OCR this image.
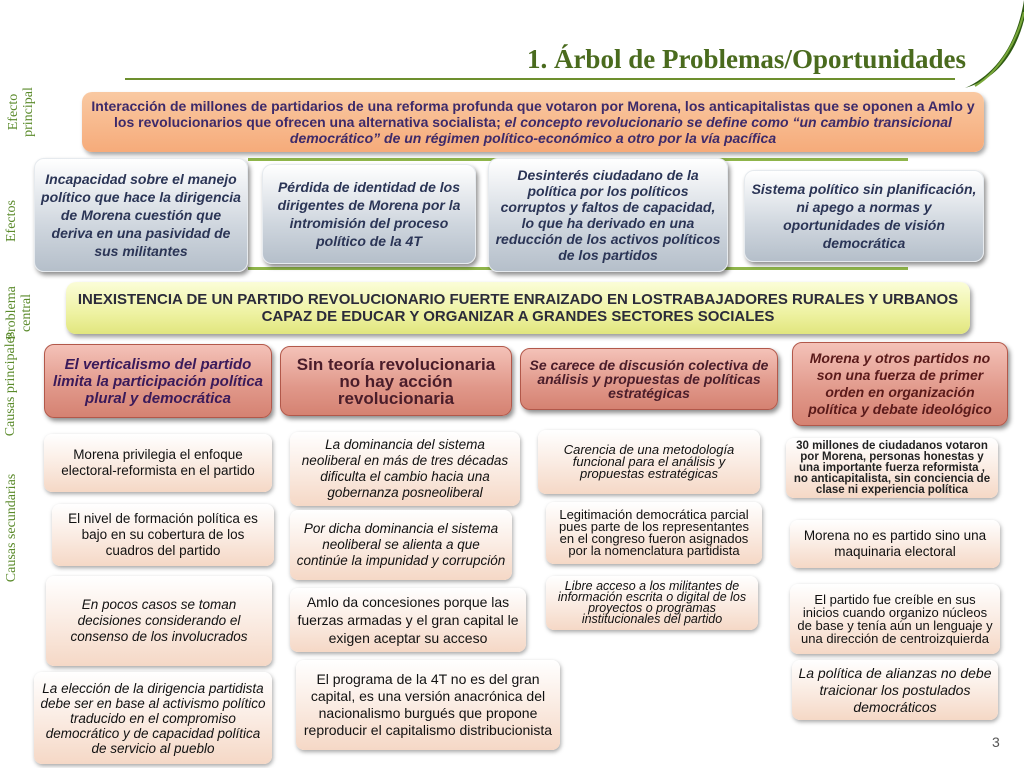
1. Árbol de Problemas/Oportunidades
Efecto principal
Efectos
Problema central
Causas principales
Causas secundarias
Interacción de millones de partidarios de una reforma profunda que votaron por Morena, los anticapitalistas que se oponen a Amlo y los revolucionarios que ofrecen una alternativa socialista; el concepto revolucionario se define como “un cambio transicional democrático” de un régimen político-económico a otro por la vía pacífica
Incapacidad sobre el manejo político que hace la dirigencia de Morena cuestión que deriva en una pasividad de sus militantes
Pérdida de identidad de los dirigentes de Morena por la intromisión del proceso político de la 4T
Desinterés ciudadano de la política por los políticos corruptos y faltos de capacidad, lo que ha derivado en una reducción de los activos políticos de los partidos
Sistema político sin planificación, ni apego a normas y oportunidades de visión democrática
INEXISTENCIA DE UN PARTIDO REVOLUCIONARIO FUERTE ENRAIZADO EN LOSTRABAJADORES RURALES Y URBANOS CAPAZ DE EDUCAR Y ORGANIZAR A GRANDES SECTORES SOCIALES
El verticalismo del partido limita la participación política plural y democrática
Sin teoría revolucionaria no hay acción revolucionaria
Se carece de discusión colectiva de análisis y propuestas de políticas estratégicas
Morena y otros partidos no son una fuerza de primer orden en organización política y debate ideológico
Morena privilegia el enfoque electoral-reformista en el partido
El nivel de formación política es bajo en su cobertura de los cuadros del partido
En pocos casos se toman decisiones considerando el consenso de los involucrados
La elección de la dirigencia partidista debe ser en base al activismo político traducido en el compromiso democrático y de capacidad política de servicio al pueblo
La dominancia del sistema neoliberal en más de tres décadas dificulta el cambio hacia una gobernanza posneoliberal
Por dicha dominancia el sistema neoliberal se alienta a que continúe la impunidad y corrupción
Amlo da concesiones porque las fuerzas armadas y el gran capital le exigen aceptar su acceso
El programa de la 4T no es del gran capital, es una versión anacrónica del nacionalismo burgués que propone reproducir el capitalismo distribucionista
Carencia de una metodología funcional para el análisis y propuestas estratégicas
Legitimación democrática parcial pues parte de los representantes en el congreso fueron asignados por la nomenclatura partidista
Libre acceso a los militantes de información escrita o digital de los proyectos o programas institucionales del partido
30 millones de ciudadanos votaron por Morena, personas honestas y una importante fuerza reformista , no anticapitalista, sin conciencia de clase ni experiencia política
Morena no es partido sino una maquinaria electoral
El partido fue creíble en sus inicios cuando organizo núcleos de base y tenía aún un lenguaje y una dirección de centroizquierda
La política de alianzas no debe traicionar los postulados democráticos
3
